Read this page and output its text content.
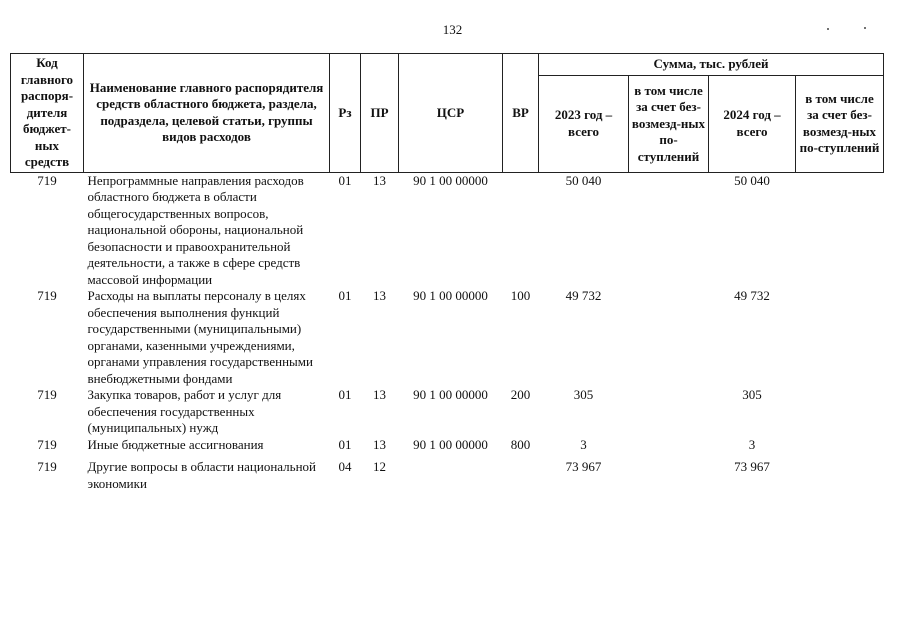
132
Код главного распоря-дителя бюджет-ных средств	Наименование главного распорядителя средств областного бюджета, раздела, подраздела, целевой статьи, группы видов расходов	Рз	ПР	ЦСР	ВР	Сумма, тыс. рублей			
						2023 год – всего	в том числе за счет без-возмезд-ных по-ступлений	2024 год – всего	в том числе за счет без-возмезд-ных по-ступлений
719	Непрограммные направления расходов областного бюджета в области общегосударственных вопросов, национальной обороны, национальной безопасности и правоохранительной деятельности, а также в сфере средств массовой информации	01	13	90 1 00 00000		50 040		50 040	
719	Расходы на выплаты персоналу в целях обеспечения выполнения функций государственными (муниципальными) органами, казенными учреждениями, органами управления государственными внебюджетными фондами	01	13	90 1 00 00000	100	49 732		49 732	
719	Закупка товаров, работ и услуг для обеспечения государственных (муниципальных) нужд	01	13	90 1 00 00000	200	305		305	
719	Иные бюджетные ассигнования	01	13	90 1 00 00000	800	3		3	
719	Другие вопросы в области национальной экономики	04	12			73 967		73 967	
